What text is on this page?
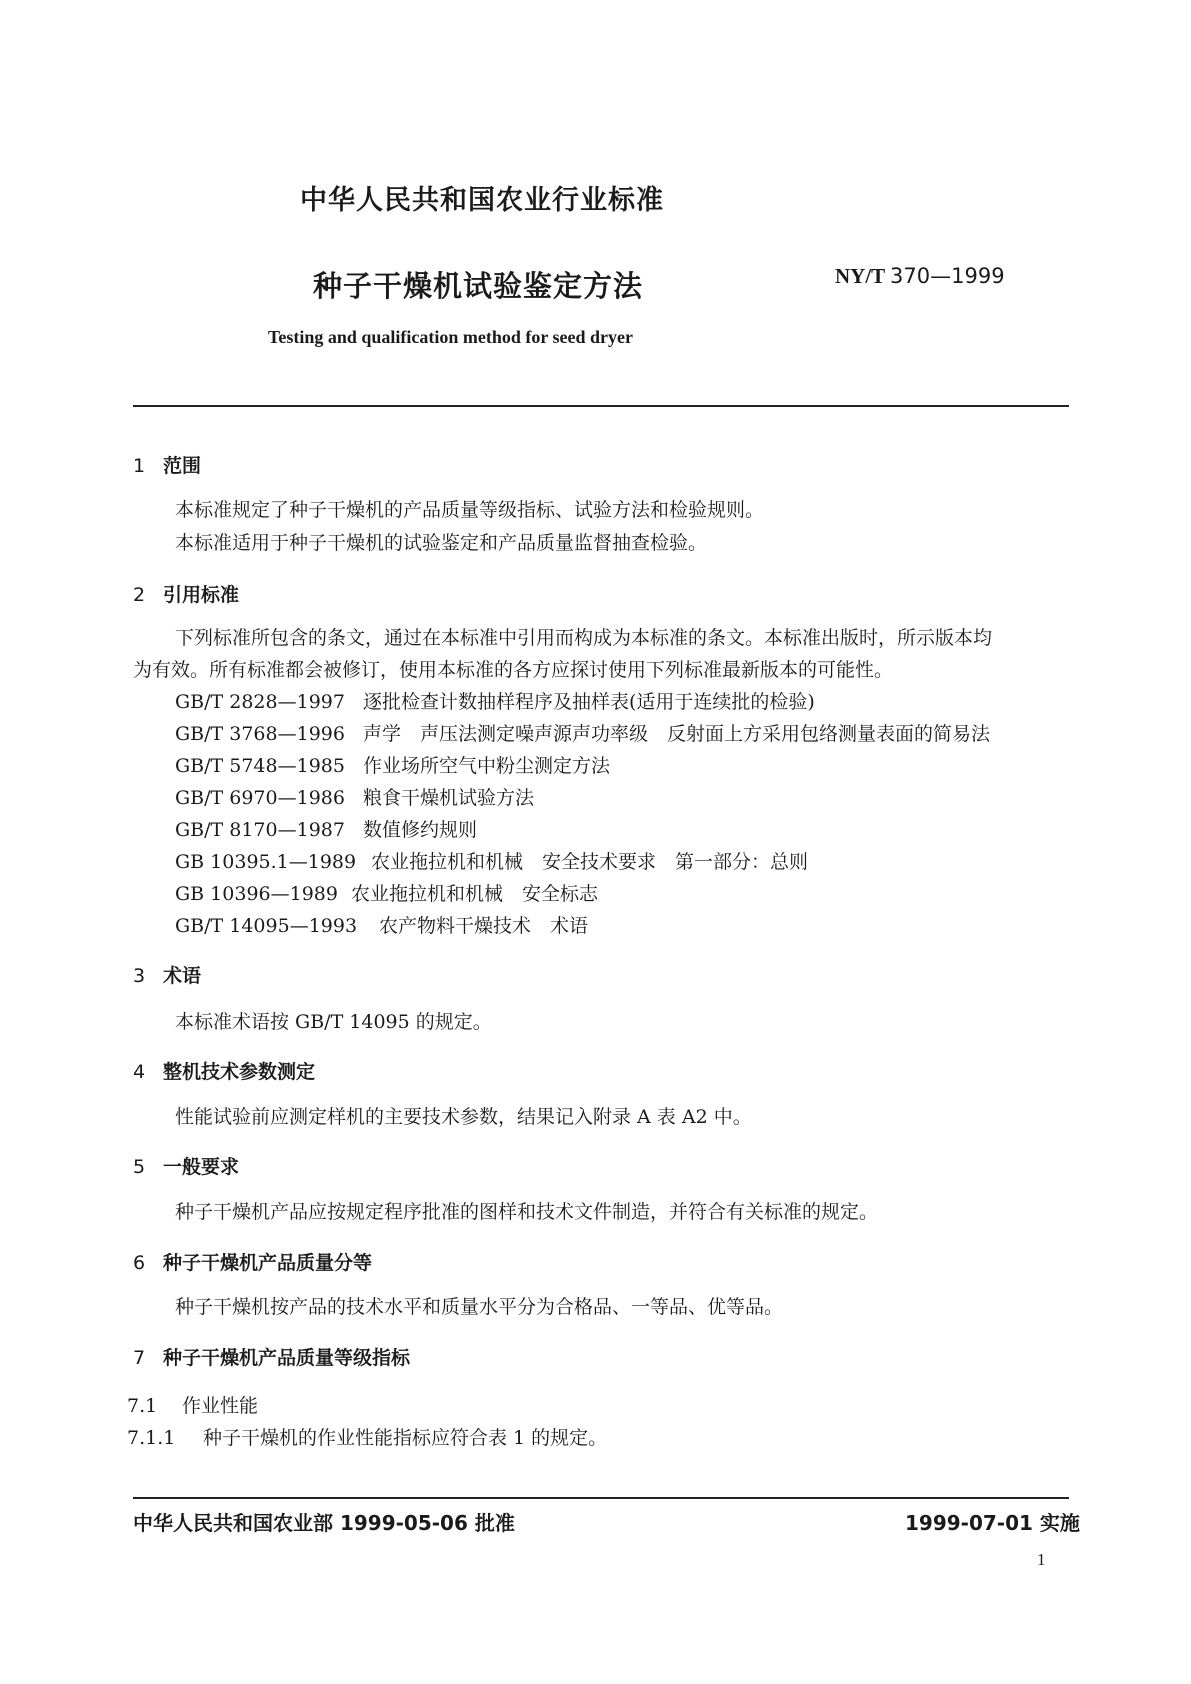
中华人民共和国农业行业标准
种子干燥机试验鉴定方法	NY/T 370—1999
Testing and qualification method for seed dryer
1 范围
本标准规定了种子干燥机的产品质量等级指标、试验方法和检验规则。
本标准适用于种子干燥机的试验鉴定和产品质量监督抽查检验。
2 引用标准
下列标准所包含的条文，通过在本标准中引用而构成为本标准的条文。本标准出版时，所示版本均
为有效。所有标准都会被修订，使用本标准的各方应探讨使用下列标准最新版本的可能性。
GB/T 2828—1997 逐批检查计数抽样程序及抽样表(适用于连续批的检验)
GB/T 3768—1996 声学　声压法测定噪声源声功率级　反射面上方采用包络测量表面的简易法
GB/T 5748—1985 作业场所空气中粉尘测定方法
GB/T 6970—1986 粮食干燥机试验方法
GB/T 8170—1987 数值修约规则
GB 10395.1—1989 农业拖拉机和机械　安全技术要求　第一部分：总则
GB 10396—1989 农业拖拉机和机械　安全标志
GB/T 14095—1993 农产物料干燥技术　术语
3 术语
本标准术语按 GB/T 14095 的规定。
4 整机技术参数测定
性能试验前应测定样机的主要技术参数，结果记入附录 A 表 A2 中。
5 一般要求
种子干燥机产品应按规定程序批准的图样和技术文件制造，并符合有关标准的规定。
6 种子干燥机产品质量分等
种子干燥机按产品的技术水平和质量水平分为合格品、一等品、优等品。
7 种子干燥机产品质量等级指标
7.1 作业性能
7.1.1 种子干燥机的作业性能指标应符合表 1 的规定。
中华人民共和国农业部 1999-05-06 批准	1999-07-01 实施
1
